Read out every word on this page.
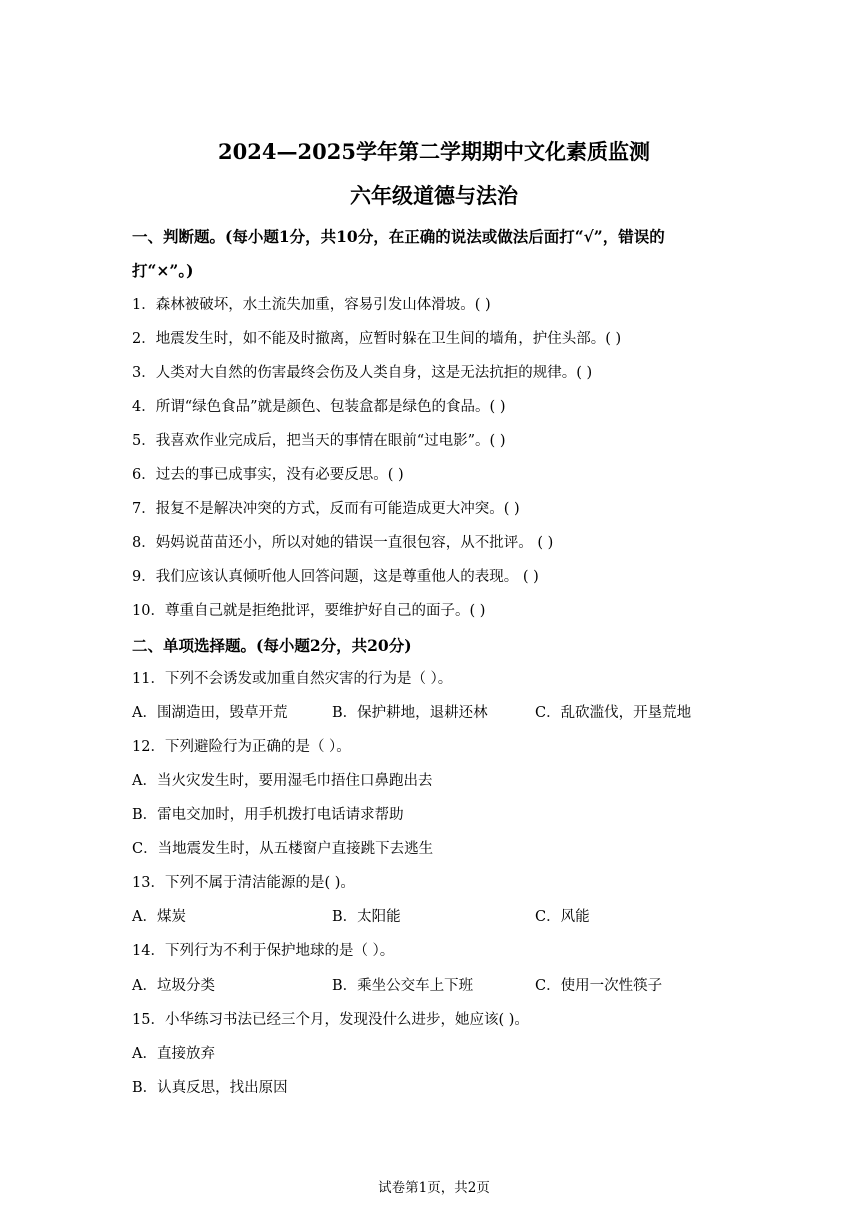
2024—2025学年第二学期期中文化素质监测
六年级道德与法治
一、判断题。(每小题1分，共10分，在正确的说法或做法后面打“√”，错误的
打“×”。)
1．森林被破坏，水土流失加重，容易引发山体滑坡。( )
2．地震发生时，如不能及时撤离，应暂时躲在卫生间的墙角，护住头部。( )
3．人类对大自然的伤害最终会伤及人类自身，这是无法抗拒的规律。( )
4．所谓“绿色食品”就是颜色、包装盒都是绿色的食品。( )
5．我喜欢作业完成后，把当天的事情在眼前“过电影”。( )
6．过去的事已成事实，没有必要反思。( )
7．报复不是解决冲突的方式，反而有可能造成更大冲突。( )
8．妈妈说苗苗还小，所以对她的错误一直很包容，从不批评。 ( )
9．我们应该认真倾听他人回答问题，这是尊重他人的表现。 ( )
10．尊重自己就是拒绝批评，要维护好自己的面子。( )
二、单项选择题。(每小题2分，共20分)
11．下列不会诱发或加重自然灾害的行为是（ ）。
A．围湖造田，毁草开荒	B．保护耕地，退耕还林	C．乱砍滥伐，开垦荒地
12．下列避险行为正确的是（ ）。
A．当火灾发生时，要用湿毛巾捂住口鼻跑出去
B．雷电交加时，用手机拨打电话请求帮助
C．当地震发生时，从五楼窗户直接跳下去逃生
13．下列不属于清洁能源的是( )。
A．煤炭	B．太阳能	C．风能
14．下列行为不利于保护地球的是（ ）。
A．垃圾分类	B．乘坐公交车上下班	C．使用一次性筷子
15．小华练习书法已经三个月，发现没什么进步，她应该( )。
A．直接放弃
B．认真反思，找出原因
试卷第1页，共2页
